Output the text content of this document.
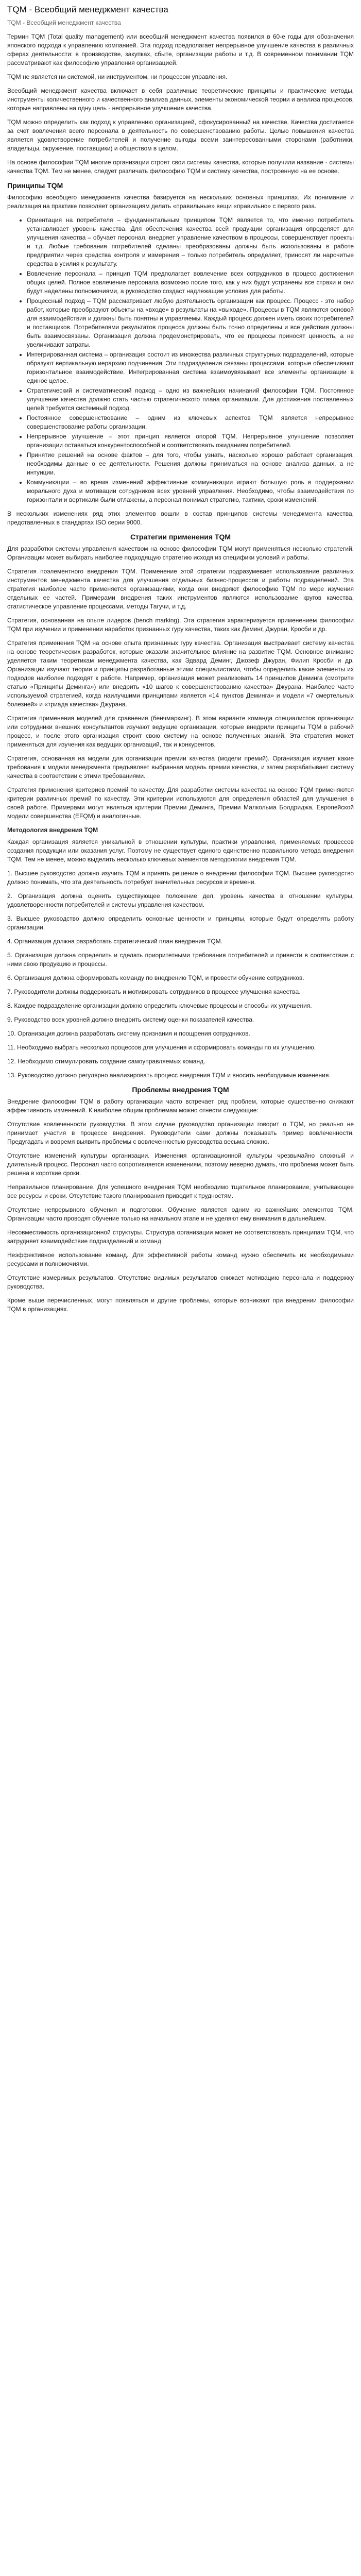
TQM - Всеобщий менеджмент качества
TQM - Всеобщий менеджмент качества

Термин TQM (Total quality management) или всеобщий менеджмент качества появился в 60-е годы для обозначения японского подхода к управлению компанией. Эта подход предполагает непрерывное улучшение качества в различных сферах деятельности: в производстве, закупках, сбыте, организации работы и т.д. В современном понимании TQM рассматривают как философию управления организацией.

TQM не является ни системой, ни инструментом, ни процессом управления.

Всеобщий менеджмент качества включает в себя различные теоретические принципы и практические методы, инструменты количественного и качественного анализа данных, элементы экономической теории и анализа процессов, которые направлены на одну цель - непрерывное улучшение качества.

TQM можно определить как подход к управлению организацией, сфокусированный на качестве. Качества достигается за счет вовлечения всего персонала в деятельность по совершенствованию работы. Целью повышения качества является удовлетворение потребителей и получение выгоды всеми заинтересованными сторонами (работники, владельцы, окружение, поставщики) и обществом в целом.

На основе философии TQM многие организации строят свои системы качества, которые получили название - системы качества TQM. Тем не менее, следует различать философию TQM и систему качества, построенную на ее основе.

Принципы TQM

Философию всеобщего менеджмента качества базируется на нескольких основных принципах. Их понимание и реализация на практике позволяет организациям делать «правильные» вещи «правильно» с первого раза.

• Ориентация на потребителя – фундаментальным принципом TQM является то, что именно потребитель устанавливает уровень качества. Для обеспечения качества всей продукции организация определяет для улучшения качества – обучает персонал, внедряет управление качеством в процессы, совершенствует проекты и т.д. Любые требования потребителей сделаны преобразованы должны быть использованы в работе предприятии через средства контроля и измерения – только потребитель определяет, приносят ли нарочитые средства в усилия к результату.
• Вовлечение персонала – принцип TQM предполагает вовлечение всех сотрудников в процесс достижения общих целей. Полное вовлечение персонала возможно после того, как у них будут устранены все страхи и они будут наделены полномочиями, а руководство создаст надлежащие условия для работы.
• Процессный подход – TQM рассматривает любую деятельность организации как процесс. Процесс - это набор работ, которые преобразуют объекты на «входе» в результаты на «выходе». Процессы в TQM являются основой для взаимодействия и должны быть понятны и управляемы. Каждый процесс должен иметь своих потребителей и поставщиков. Потребителями результатов процесса должны быть точно определены и все действия должны быть взаимосвязаны. Организация должна продемонстрировать, что ее процессы приносят ценность, а не увеличивают затраты.
• Интегрированная система – организация состоит из множества различных структурных подразделений, которые образуют вертикальную иерархию подчинения. Эти подразделения связаны процессами, которые обеспечивают горизонтальное взаимодействие. Интегрированная система взаимоувязывает все элементы организации в единое целое.
• Стратегический и систематический подход – одно из важнейших начинаний философии TQM. Постоянное улучшение качества должно стать частью стратегического плана организации. Для достижения поставленных целей требуется системный подход.
• Постоянное совершенствование – одним из ключевых аспектов TQM является непрерывное совершенствование работы организации.
• Непрерывное улучшение – этот принцип является опорой TQM. Непрерывное улучшение позволяет организации оставаться конкурентоспособной и соответствовать ожиданиям потребителей.
• Принятие решений на основе фактов – для того, чтобы узнать, насколько хорошо работает организация, необходимы данные о ее деятельности. Решения должны приниматься на основе анализа данных, а не интуиции.
• Коммуникации – во время изменений эффективные коммуникации играют большую роль в поддержании морального духа и мотивации сотрудников всех уровней управления. Необходимо, чтобы взаимодействия по горизонтали и вертикали были отлажены, а персонал понимал стратегию, тактики, сроки изменений.

В нескольких изменениях ряд этих элементов вошли в состав принципов системы менеджмента качества, представленных в стандартах ISO серии 9000.

Стратегии применения TQM

Для разработки системы управления качеством на основе философии TQM могут применяться несколько стратегий. Организации может выбирать наиболее подходящую стратегию исходя из специфики условий и работы.

Стратегия поэлементного внедрения TQM. Применение этой стратегии подразумевает использование различных инструментов менеджмента качества для улучшения отдельных бизнес-процессов и работы подразделений. Эта стратегия наиболее часто применяется организациями, когда они внедряют философию TQM по мере изучения отдельных ее частей. Примерами внедрения таких инструментов являются использование кругов качества, статистическое управление процессами, методы Тагучи, и т.д.

Стратегия, основанная на опыте лидеров (bench marking). Эта стратегия характеризуется применением философии TQM при изучении и применении наработок признанных гуру качества, таких как Деминг, Джуран, Кросби и др.

Стратегия применения TQM на основе опыта признанных гуру качества. Организация выстраивает систему качества на основе теоретических разработок, которые оказали значительное влияние на развитие TQM. Основное внимание уделяется таким теоретикам менеджмента качества, как Эдвард Деминг, Джозеф Джуран, Филип Кросби и др. Организации изучают теории и принципы разработанные этими специалистами, чтобы определить какие элементы их подходов наиболее подходят к работе. Например, организация может реализовать 14 принципов Деминга (смотрите статью «Принципы Деминга») или внедрить «10 шагов к совершенствованию качества» Джурана. Наиболее часто используемой стратегией, когда наилучшими принципами является «14 пунктов Деминга» и модели «7 смертельных болезней» и «триада качества» Джурана.

Стратегия применения моделей для сравнения (бенчмаркинг). В этом варианте команда специалистов организации или сотрудники внешних консультантов изучают ведущие организации, которые внедрили принципы TQM в рабочий процесс, и после этого организация строит свою систему на основе полученных знаний. Эта стратегия может применяться для изучения как ведущих организаций, так и конкурентов.

Стратегия, основанная на модели для организации премии качества (модели премий). Организация изучает какие требования к модели менеджмента предъявляет выбранная модель премии качества, и затем разрабатывает систему качества в соответствии с этими требованиями.

Стратегия применения критериев премий по качеству. Для разработки системы качества на основе TQM применяются критерии различных премий по качеству. Эти критерии используются для определения областей для улучшения в своей работе. Примерами могут являться критерии Премии Деминга, Премии Малкольма Болдриджа, Европейской модели совершенства (EFQM) и аналогичные.

Методология внедрения TQM

Каждая организация является уникальной в отношении культуры, практики управления, применяемых процессов создания продукции или оказания услуг. Поэтому не существует единого единственно правильного метода внедрения TQM. Тем не менее, можно выделить несколько ключевых элементов методологии внедрения TQM.

1. Высшее руководство должно изучить TQM и принять решение о внедрении философии TQM. Высшее руководство должно понимать, что эта деятельность потребует значительных ресурсов и времени.

2. Организация должна оценить существующее положение дел, уровень качества в отношении культуры, удовлетворенности потребителей и системы управления качеством.

3. Высшее руководство должно определить основные ценности и принципы, которые будут определять работу организации.

4. Организация должна разработать стратегический план внедрения TQM.

5. Организация должна определить и сделать приоритетными требования потребителей и привести в соответствие с ними свою продукцию и процессы.

6. Организация должна сформировать команду по внедрению TQM, и провести обучение сотрудников.

7. Руководители должны поддерживать и мотивировать сотрудников в процессе улучшения качества.

8. Каждое подразделение организации должно определить ключевые процессы и способы их улучшения.

9. Руководство всех уровней должно внедрить систему оценки показателей качества.

10. Организация должна разработать систему признания и поощрения сотрудников.

11. Необходимо выбрать несколько процессов для улучшения и сформировать команды по их улучшению.

12. Необходимо стимулировать создание самоуправляемых команд.

13. Руководство должно регулярно анализировать процесс внедрения TQM и вносить необходимые изменения.

Проблемы внедрения TQM

Внедрение философии TQM в работу организации часто встречает ряд проблем, которые существенно снижают эффективность изменений. К наиболее общим проблемам можно отнести следующие:

Отсутствие вовлеченности руководства. В этом случае руководство организации говорит о TQM, но реально не принимает участия в процессе внедрения. Руководители сами должны показывать пример вовлеченности. Предугадать и вовремя выявить проблемы с вовлеченностью руководства весьма сложно.

Отсутствие изменений культуры организации. Изменения организационной культуры чрезвычайно сложный и длительный процесс. Персонал часто сопротивляется изменениям, поэтому неверно думать, что проблема может быть решена в короткие сроки.

Неправильное планирование. Для успешного внедрения TQM необходимо тщательное планирование, учитывающее все ресурсы и сроки. Отсутствие такого планирования приводит к трудностям.

Отсутствие непрерывного обучения и подготовки. Обучение является одним из важнейших элементов TQM. Организации часто проводят обучение только на начальном этапе и не уделяют ему внимания в дальнейшем.

Несовместимость организационной структуры. Структура организации может не соответствовать принципам TQM, что затрудняет взаимодействие подразделений и команд.

Неэффективное использование команд. Для эффективной работы команд нужно обеспечить их необходимыми ресурсами и полномочиями.

Отсутствие измеримых результатов. Отсутствие видимых результатов снижает мотивацию персонала и поддержку руководства.

Кроме выше перечисленных, могут появляться и другие проблемы, которые возникают при внедрении философии TQM в организациях.
